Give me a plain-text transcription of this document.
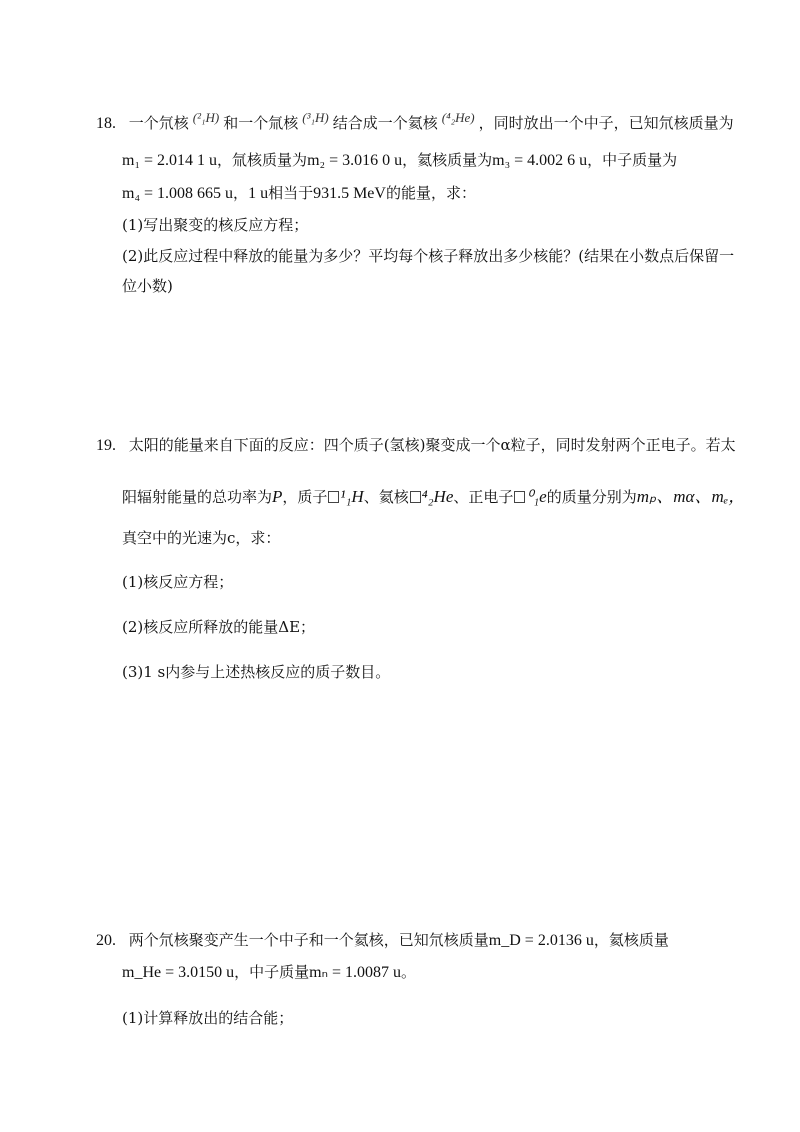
18. 一个氘核 (²₁H) 和一个氚核 (³₁H) 结合成一个氦核 (⁴₂He) ，同时放出一个中子，已知氘核质量为
m₁ = 2.014 1 u，氚核质量为m₂ = 3.016 0 u，氦核质量为m₃ = 4.002 6 u，中子质量为
m₄ = 1.008 665 u，1 u相当于931.5 MeV的能量，求：
(1)写出聚变的核反应方程；
(2)此反应过程中释放的能量为多少？平均每个核子释放出多少核能？(结果在小数点后保留一
位小数)
19. 太阳的能量来自下面的反应：四个质子(氢核)聚变成一个α粒子，同时发射两个正电子。若太
阳辐射能量的总功率为P，质子 ¹₁H、氦核 ⁴₂He、正电子 ⁰₁e的质量分别为mₚ、mα、mₑ，
真空中的光速为c，求：
(1)核反应方程；
(2)核反应所释放的能量ΔE；
(3)1 s内参与上述热核反应的质子数目。
20. 两个氘核聚变产生一个中子和一个氦核，已知氘核质量m_D = 2.0136 u，氦核质量
m_He = 3.0150 u，中子质量mₙ = 1.0087 u。
(1)计算释放出的结合能；
